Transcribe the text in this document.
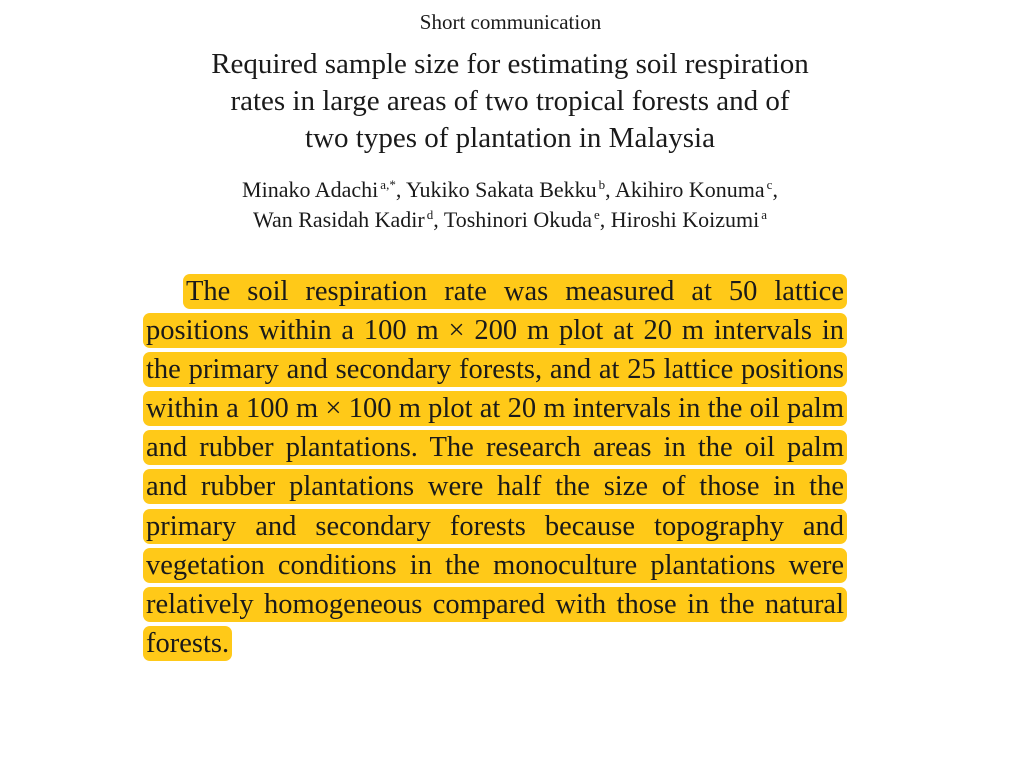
Short communication
Required sample size for estimating soil respiration
rates in large areas of two tropical forests and of
two types of plantation in Malaysia
Minako Adachi $^{a,*}$, Yukiko Sakata Bekku $^b$, Akihiro Konuma $^c$,
Wan Rasidah Kadir $^d$, Toshinori Okuda $^e$, Hiroshi Koizumi $^a$

The soil respiration rate was measured at 50 lattice positions within a 100 m × 200 m plot at 20 m intervals in the primary and secondary forests, and at 25 lattice positions within a 100 m × 100 m plot at 20 m intervals in the oil palm and rubber plantations. The research areas in the oil palm and rubber plantations were half the size of those in the primary and secondary forests because topography and vegetation conditions in the monoculture plantations were relatively homogeneous compared with those in the natural forests.
